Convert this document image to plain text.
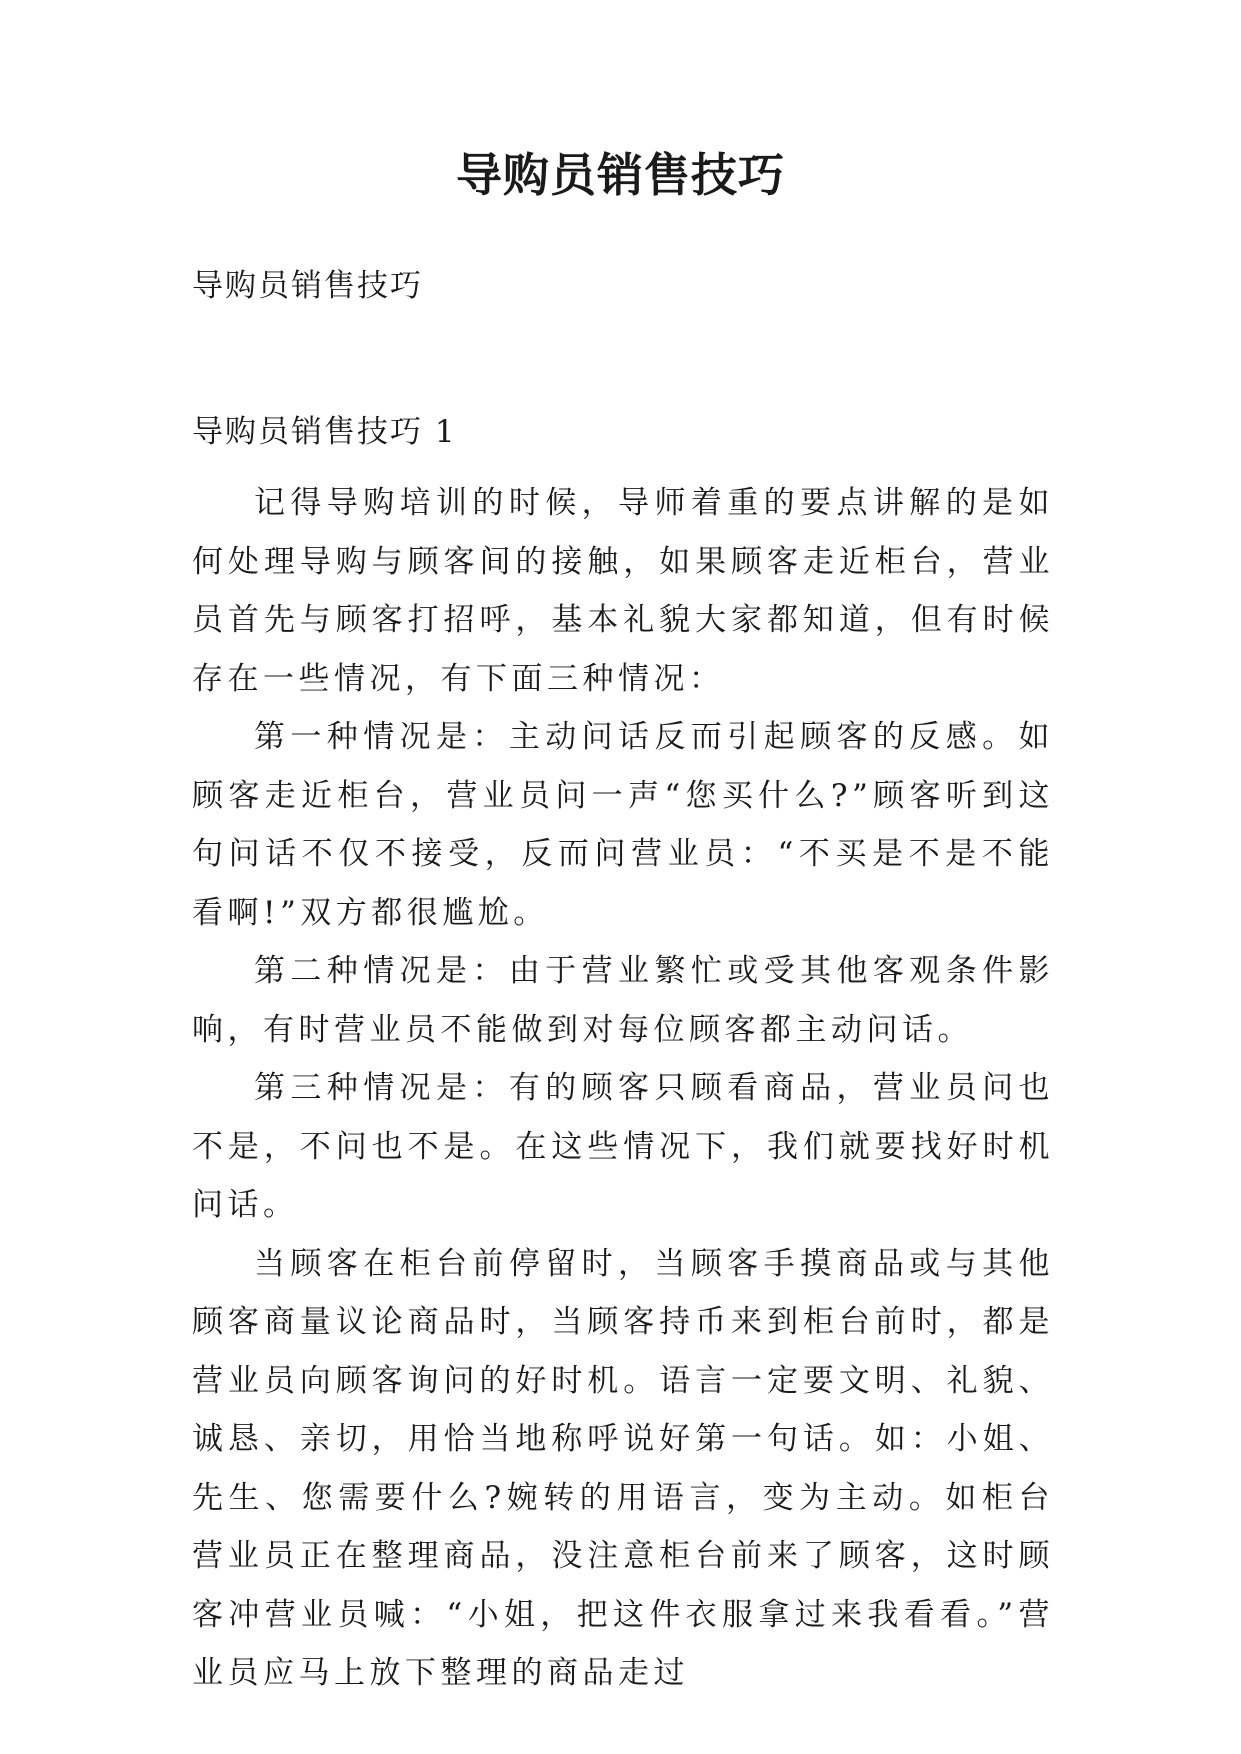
导购员销售技巧

导购员销售技巧

导购员销售技巧 1

记得导购培训的时候，导师着重的要点讲解的是如何处理导购与顾客间的接触，如果顾客走近柜台，营业员首先与顾客打招呼，基本礼貌大家都知道，但有时候存在一些情况，有下面三种情况：

第一种情况是：主动问话反而引起顾客的反感。如顾客走近柜台，营业员问一声“您买什么?”顾客听到这句问话不仅不接受，反而问营业员：“不买是不是不能看啊!”双方都很尴尬。

第二种情况是：由于营业繁忙或受其他客观条件影响，有时营业员不能做到对每位顾客都主动问话。

第三种情况是：有的顾客只顾看商品，营业员问也不是，不问也不是。在这些情况下，我们就要找好时机问话。

当顾客在柜台前停留时，当顾客手摸商品或与其他顾客商量议论商品时，当顾客持币来到柜台前时，都是营业员向顾客询问的好时机。语言一定要文明、礼貌、诚恳、亲切，用恰当地称呼说好第一句话。如：小姐、先生、您需要什么?婉转的用语言，变为主动。如柜台营业员正在整理商品，没注意柜台前来了顾客，这时顾客冲营业员喊：“小姐，把这件衣服拿过来我看看。”营业员应马上放下整理的商品走过
